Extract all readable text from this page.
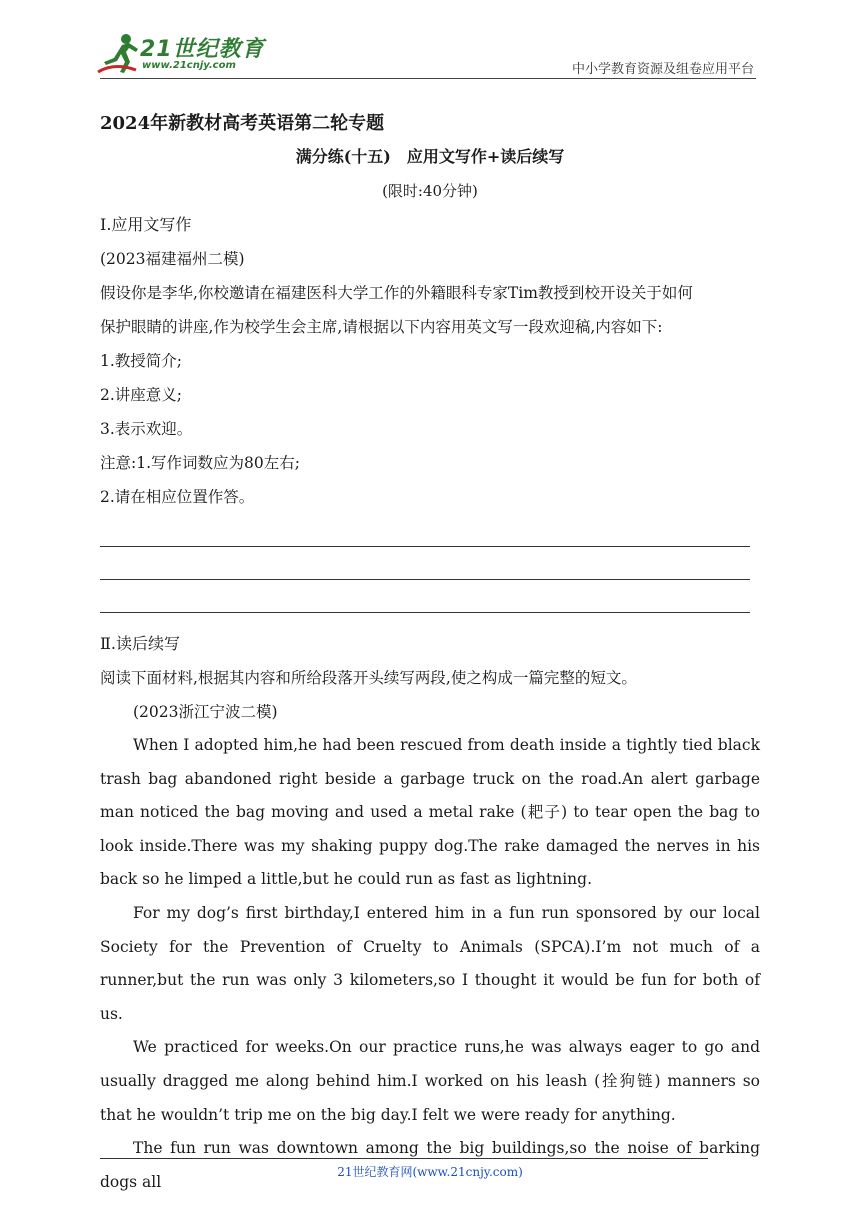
21世纪教育
www.21cnjy.com	中小学教育资源及组卷应用平台
2024年新教材高考英语第二轮专题
满分练(十五)　应用文写作+读后续写
(限时:40分钟)
Ⅰ.应用文写作
(2023福建福州二模)
假设你是李华,你校邀请在福建医科大学工作的外籍眼科专家Tim教授到校开设关于如何
保护眼睛的讲座,作为校学生会主席,请根据以下内容用英文写一段欢迎稿,内容如下:
1.教授简介;
2.讲座意义;
3.表示欢迎。
注意:1.写作词数应为80左右;
2.请在相应位置作答。
Ⅱ.读后续写
阅读下面材料,根据其内容和所给段落开头续写两段,使之构成一篇完整的短文。
(2023浙江宁波二模)

When I adopted him,he had been rescued from death inside a tightly tied black trash bag abandoned right beside a garbage truck on the road.An alert garbage man noticed the bag moving and used a metal rake (耙子) to tear open the bag to look inside.There was my shaking puppy dog.The rake damaged the nerves in his back so he limped a little,but he could run as fast as lightning.

For my dog’s first birthday,I entered him in a fun run sponsored by our local Society for the Prevention of Cruelty to Animals (SPCA).I’m not much of a runner,but the run was only 3 kilometers,so I thought it would be fun for both of us.

We practiced for weeks.On our practice runs,he was always eager to go and usually dragged me along behind him.I worked on his leash (拴狗链) manners so that he wouldn’t trip me on the big day.I felt we were ready for anything.

The fun run was downtown among the big buildings,so the noise of barking dogs all

21世纪教育网(www.21cnjy.com)
